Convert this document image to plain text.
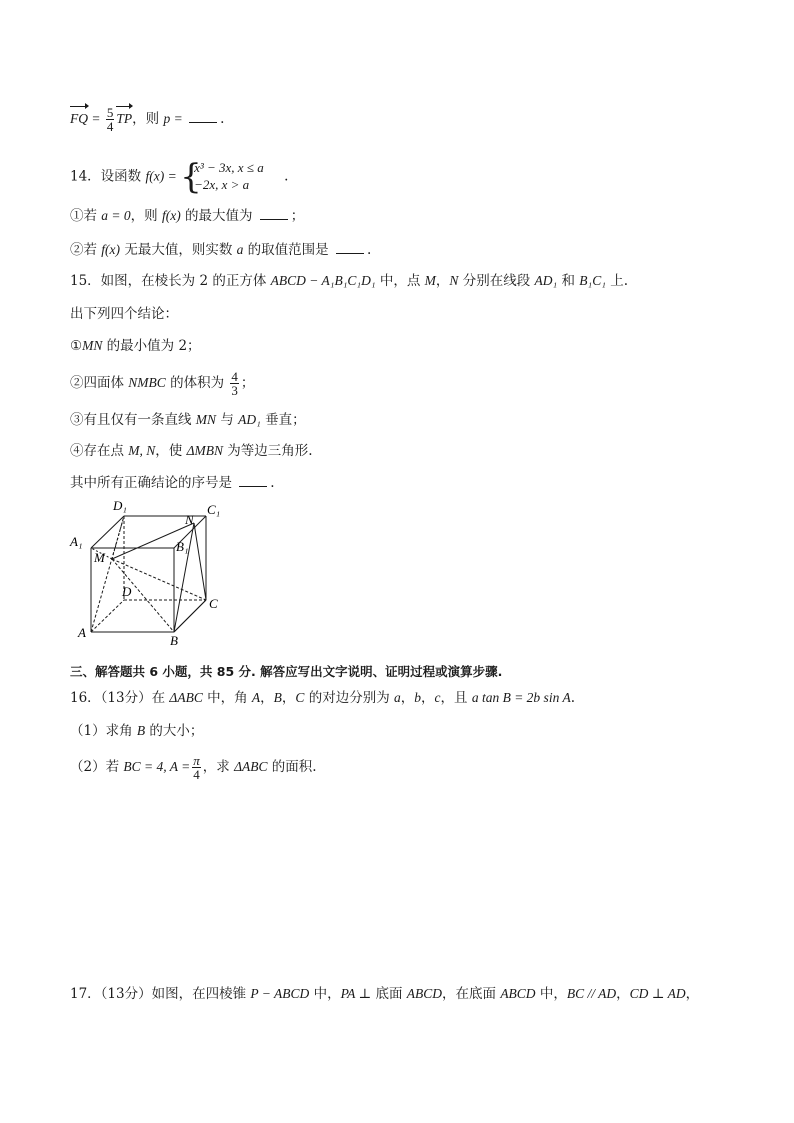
FQ = $\frac{5}{4}$ TP，则 p =	.
14．设函数 f(x) = {
x³ − 3x, x ≤ a
−2x, x > a	.
①若 a = 0，则 f(x) 的最大值为	；
②若 f(x) 无最大值，则实数 a 的取值范围是	.
15．如图，在棱长为 2 的正方体 ABCD − A₁B₁C₁D₁ 中，点 M，N 分别在线段 AD₁ 和 B₁C₁ 上.
出下列四个结论：
①MN 的最小值为 2；
②四面体 NMBC 的体积为 $\frac{4}{3}$ ；
③有且仅有一条直线 MN 与 AD₁ 垂直；
④存在点 M, N，使 ΔMBN 为等边三角形.
其中所有正确结论的序号是	.
D₁	C₁
A₁	B₁
N
M
D
C
A
B
三、解答题共 6 小题，共 85 分. 解答应写出文字说明、证明过程或演算步骤.
16．（13分）在 ΔABC 中，角 A，B，C 的对边分别为 a，b，c，且 a tan B = 2b sin A.
（1）求角 B 的大小；
（2）若 BC = 4, $A = \frac{\pi}{4}$ ，求 ΔABC 的面积.
17．（13分）如图，在四棱锥 P − ABCD 中，PA ⊥ 底面 ABCD，在底面 ABCD 中，BC // AD，CD ⊥ AD，
